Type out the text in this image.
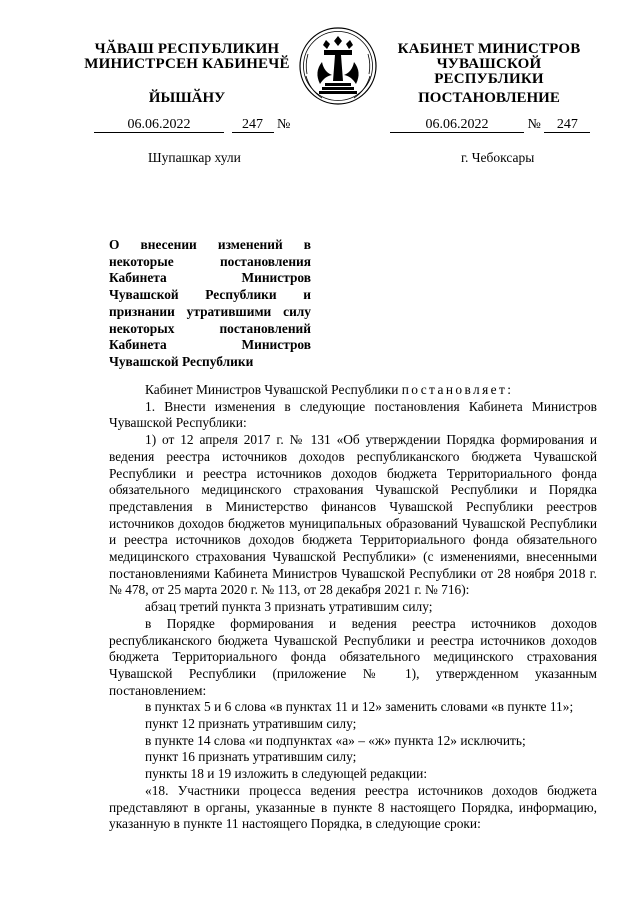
ЧӐВАШ РЕСПУБЛИКИН
МИНИСТРСЕН КАБИНЕЧӖ
КАБИНЕТ МИНИСТРОВ
ЧУВАШСКОЙ РЕСПУБЛИКИ
ЙЫШӐНУ	ПОСТАНОВЛЕНИЕ
06.06.2022	247 №	06.06.2022	№ 247
Шупашкар хули	г. Чебоксары
О внесении изменений в некоторые постановления Кабинета Министров Чувашской Республики и признании утратившими силу некоторых постановлений Кабинета Министров Чувашской Республики

Кабинет Министров Чувашской Республики постановляет:

1. Внести изменения в следующие постановления Кабинета Министров Чувашской Республики:

1) от 12 апреля 2017 г. № 131 «Об утверждении Порядка формирования и ведения реестра источников доходов республиканского бюджета Чувашской Республики и реестра источников доходов бюджета Территориального фонда обязательного медицинского страхования Чувашской Республики и Порядка представления в Министерство финансов Чувашской Республики реестров источников доходов бюджетов муниципальных образований Чувашской Республики и реестра источников доходов бюджета Территориального фонда обязательного медицинского страхования Чувашской Республики» (с изменениями, внесенными постановлениями Кабинета Министров Чувашской Республики от 28 ноября 2018 г. № 478, от 25 марта 2020 г. № 113, от 28 декабря 2021 г. № 716):

абзац третий пункта 3 признать утратившим силу;

в Порядке формирования и ведения реестра источников доходов республиканского бюджета Чувашской Республики и реестра источников доходов бюджета Территориального фонда обязательного медицинского страхования Чувашской Республики (приложение № 1), утвержденном указанным постановлением:

в пунктах 5 и 6 слова «в пунктах 11 и 12» заменить словами «в пункте 11»;

пункт 12 признать утратившим силу;

в пункте 14 слова «и подпунктах «а» – «ж» пункта 12» исключить;

пункт 16 признать утратившим силу;

пункты 18 и 19 изложить в следующей редакции:

«18. Участники процесса ведения реестра источников доходов бюджета представляют в органы, указанные в пункте 8 настоящего Порядка, информацию, указанную в пункте 11 настоящего Порядка, в следующие сроки:
